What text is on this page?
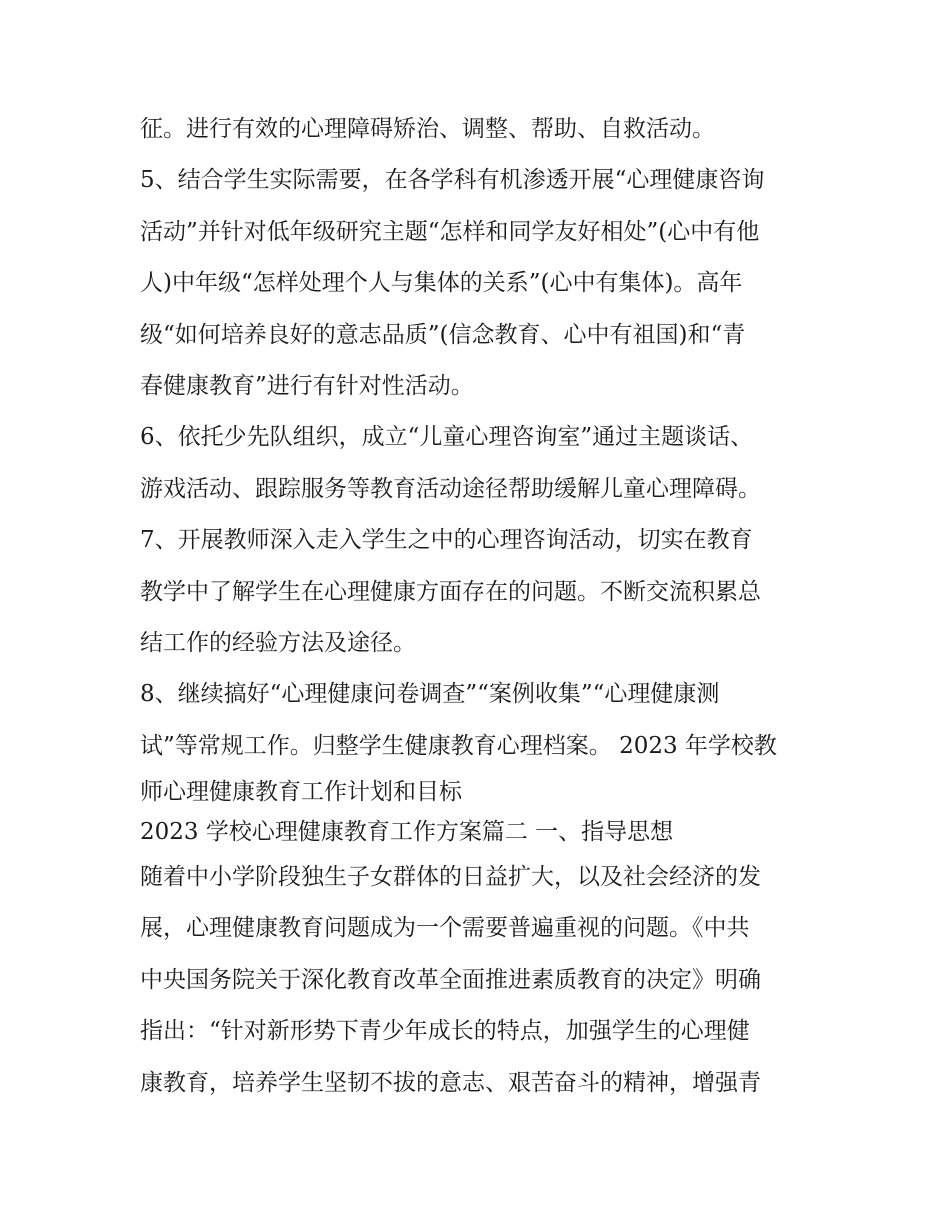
征。进行有效的心理障碍矫治、调整、帮助、自救活动。
5、结合学生实际需要，在各学科有机渗透开展“心理健康咨询
活动”并针对低年级研究主题“怎样和同学友好相处”(心中有他
人)中年级“怎样处理个人与集体的关系”(心中有集体)。高年
级“如何培养良好的意志品质”(信念教育、心中有祖国)和“青
春健康教育”进行有针对性活动。
6、依托少先队组织，成立“儿童心理咨询室”通过主题谈话、
游戏活动、跟踪服务等教育活动途径帮助缓解儿童心理障碍。
7、开展教师深入走入学生之中的心理咨询活动，切实在教育
教学中了解学生在心理健康方面存在的问题。不断交流积累总
结工作的经验方法及途径。
8、继续搞好“心理健康问卷调查”“案例收集”“心理健康测
试”等常规工作。归整学生健康教育心理档案。 2023 年学校教
师心理健康教育工作计划和目标
2023 学校心理健康教育工作方案篇二 一、指导思想
随着中小学阶段独生子女群体的日益扩大，以及社会经济的发
展，心理健康教育问题成为一个需要普遍重视的问题。《中共
中央国务院关于深化教育改革全面推进素质教育的决定》明确
指出：“针对新形势下青少年成长的特点，加强学生的心理健
康教育，培养学生坚韧不拔的意志、艰苦奋斗的精神，增强青
